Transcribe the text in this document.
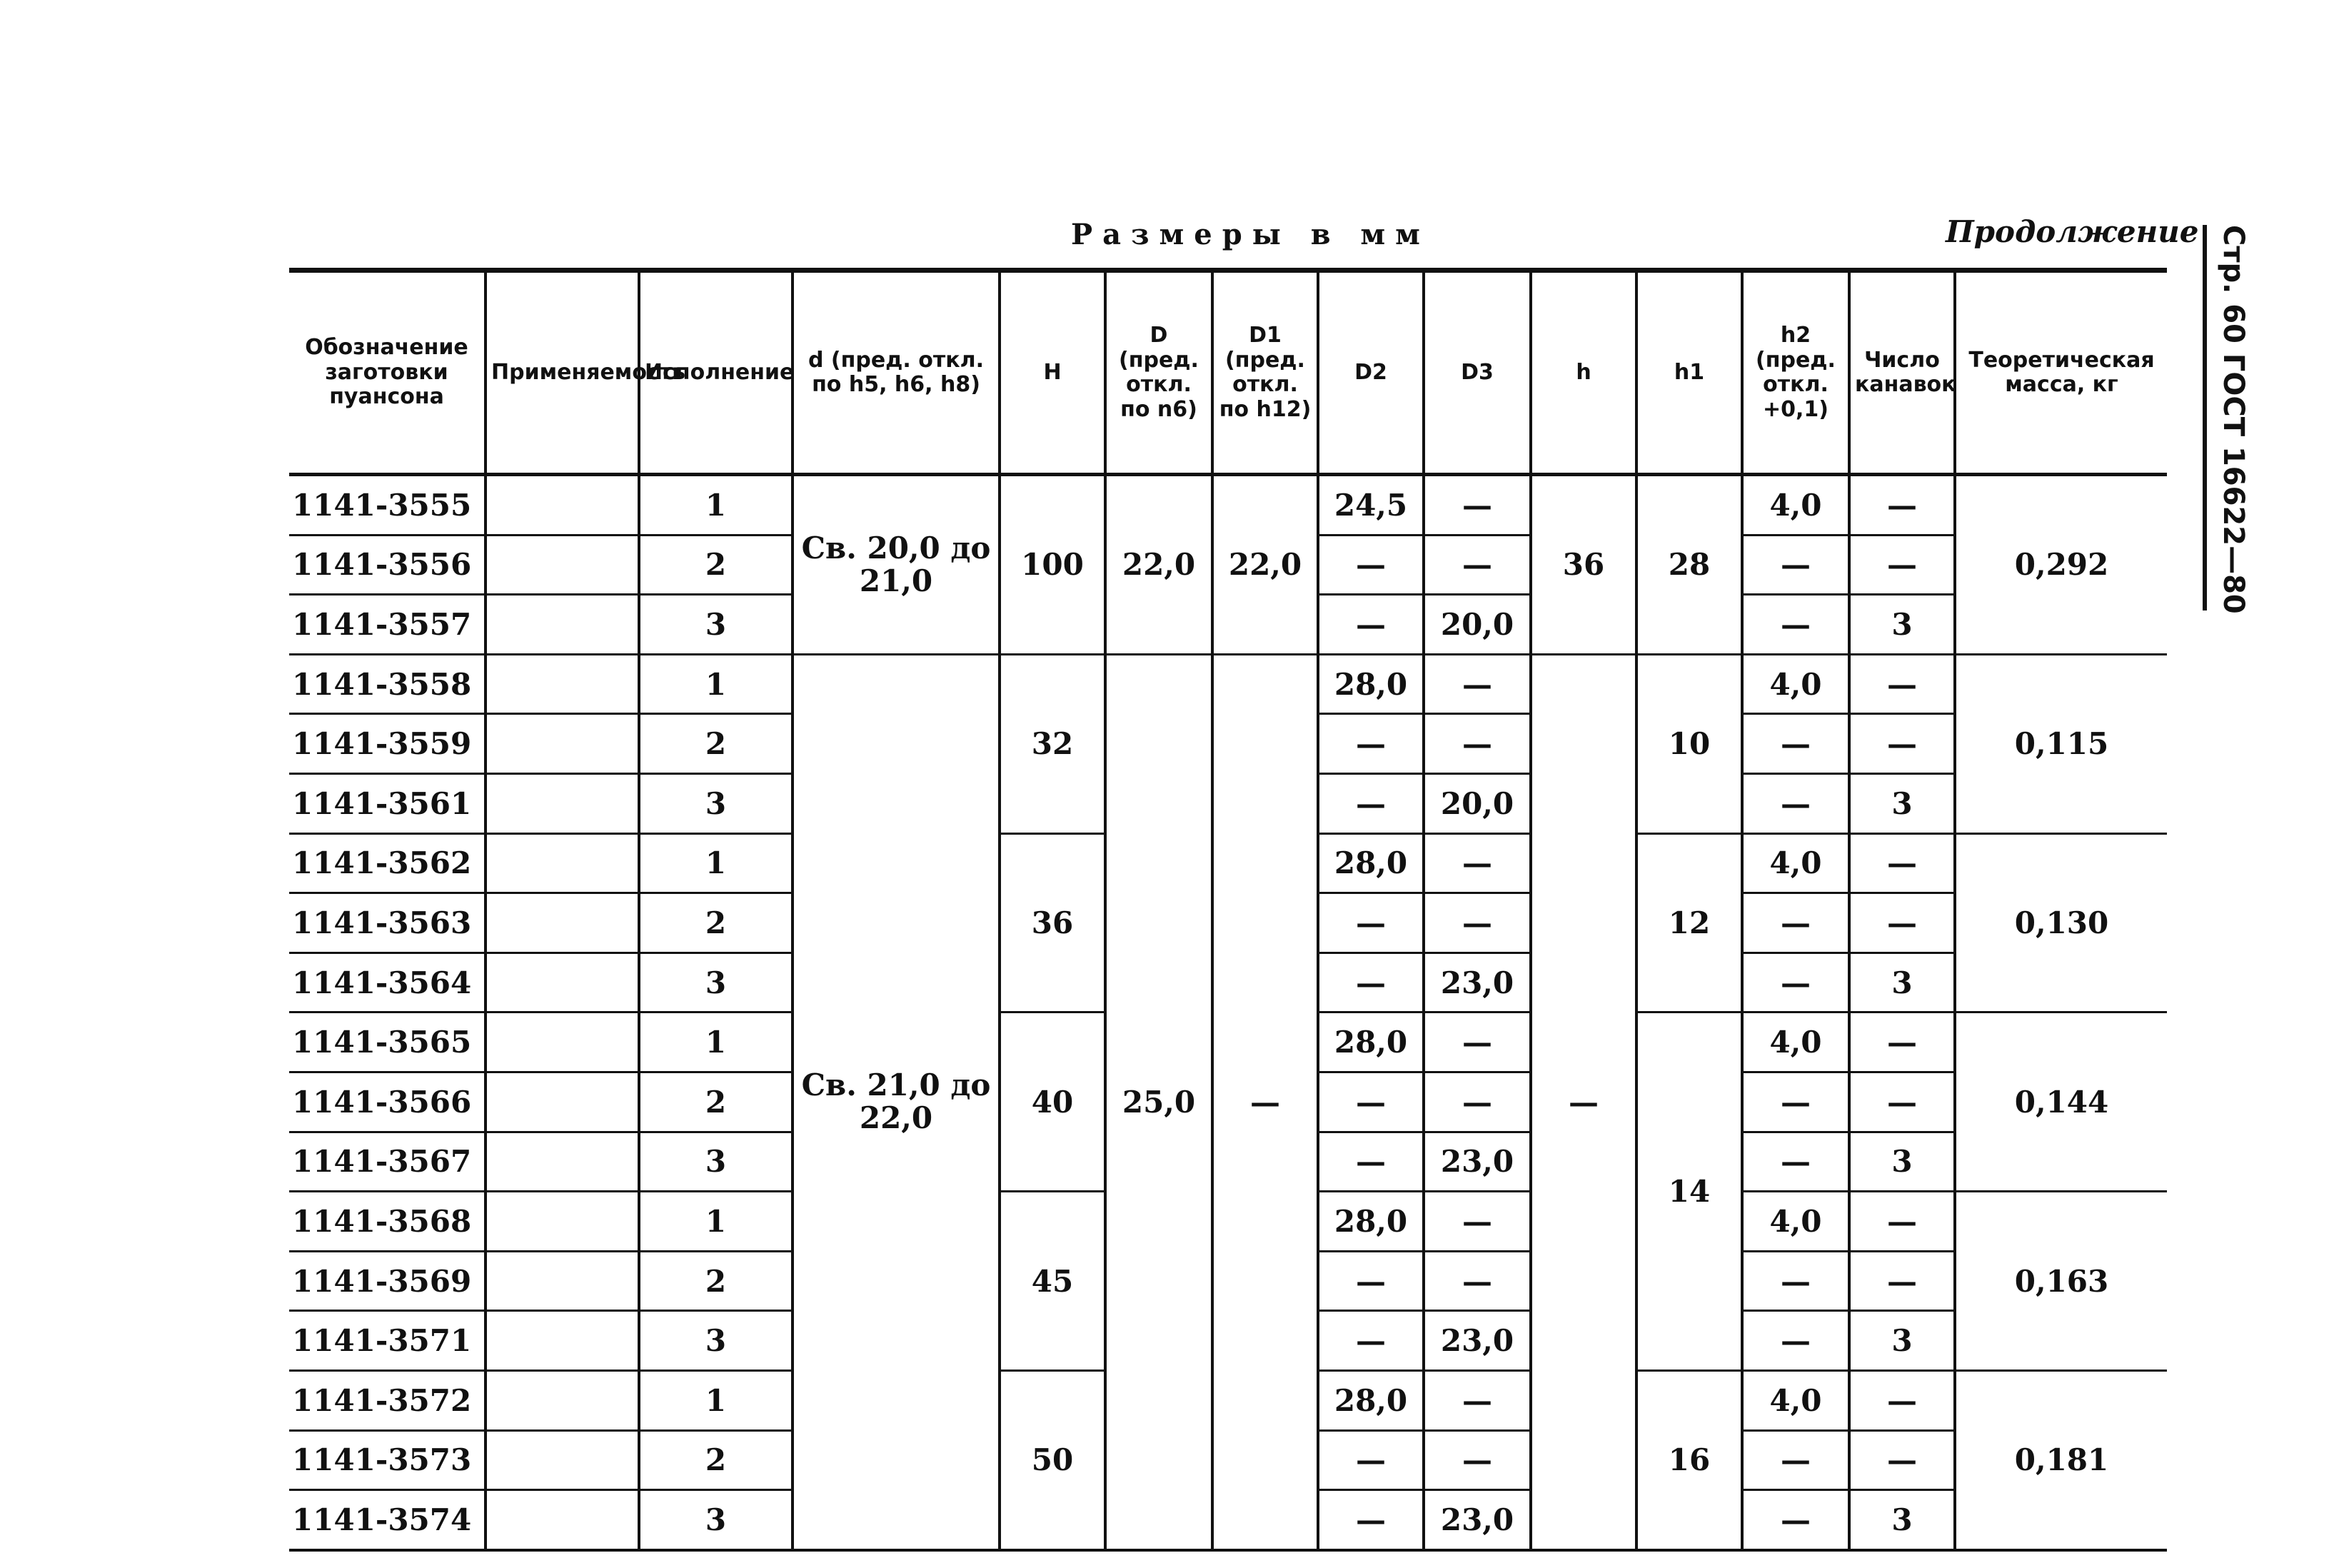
Размеры в мм	Продолжение Стр. 60 ГОСТ 16622—80
Обозначение заготовки пуансона	Применяемость	Исполнение	d (пред. откл. по h5, h6, h8)	H	D (пред. откл. по n6)	D1 (пред. откл. по h12)	D2	D3	h	h1	h2 (пред. откл. +0,1)	Число канавок	Теоретическая масса, кг
1141-3555		1	Св. 20,0 до 21,0	100	22,0	22,0	24,5	—	36	28	4,0	—	0,292
1141-3556		2					—	—			—	—	
1141-3557		3					—	20,0			—	3	
1141-3558		1	Св. 21,0 до 22,0	32	25,0	—	28,0	—	—	10	4,0	—	0,115
1141-3559		2					—	—			—	—	
1141-3561		3					—	20,0			—	3	
1141-3562		1		36			28,0	—		12	4,0	—	0,130
1141-3563		2					—	—			—	—	
1141-3564		3					—	23,0			—	3	
1141-3565		1		40			28,0	—		14	4,0	—	0,144
1141-3566		2					—	—			—	—	
1141-3567		3					—	23,0			—	3	
1141-3568		1		45			28,0	—			4,0	—	0,163
1141-3569		2					—	—			—	—	
1141-3571		3					—	23,0			—	3	
1141-3572		1		50			28,0	—		16	4,0	—	0,181
1141-3573		2					—	—			—	—	
1141-3574		3					—	23,0			—	3	
